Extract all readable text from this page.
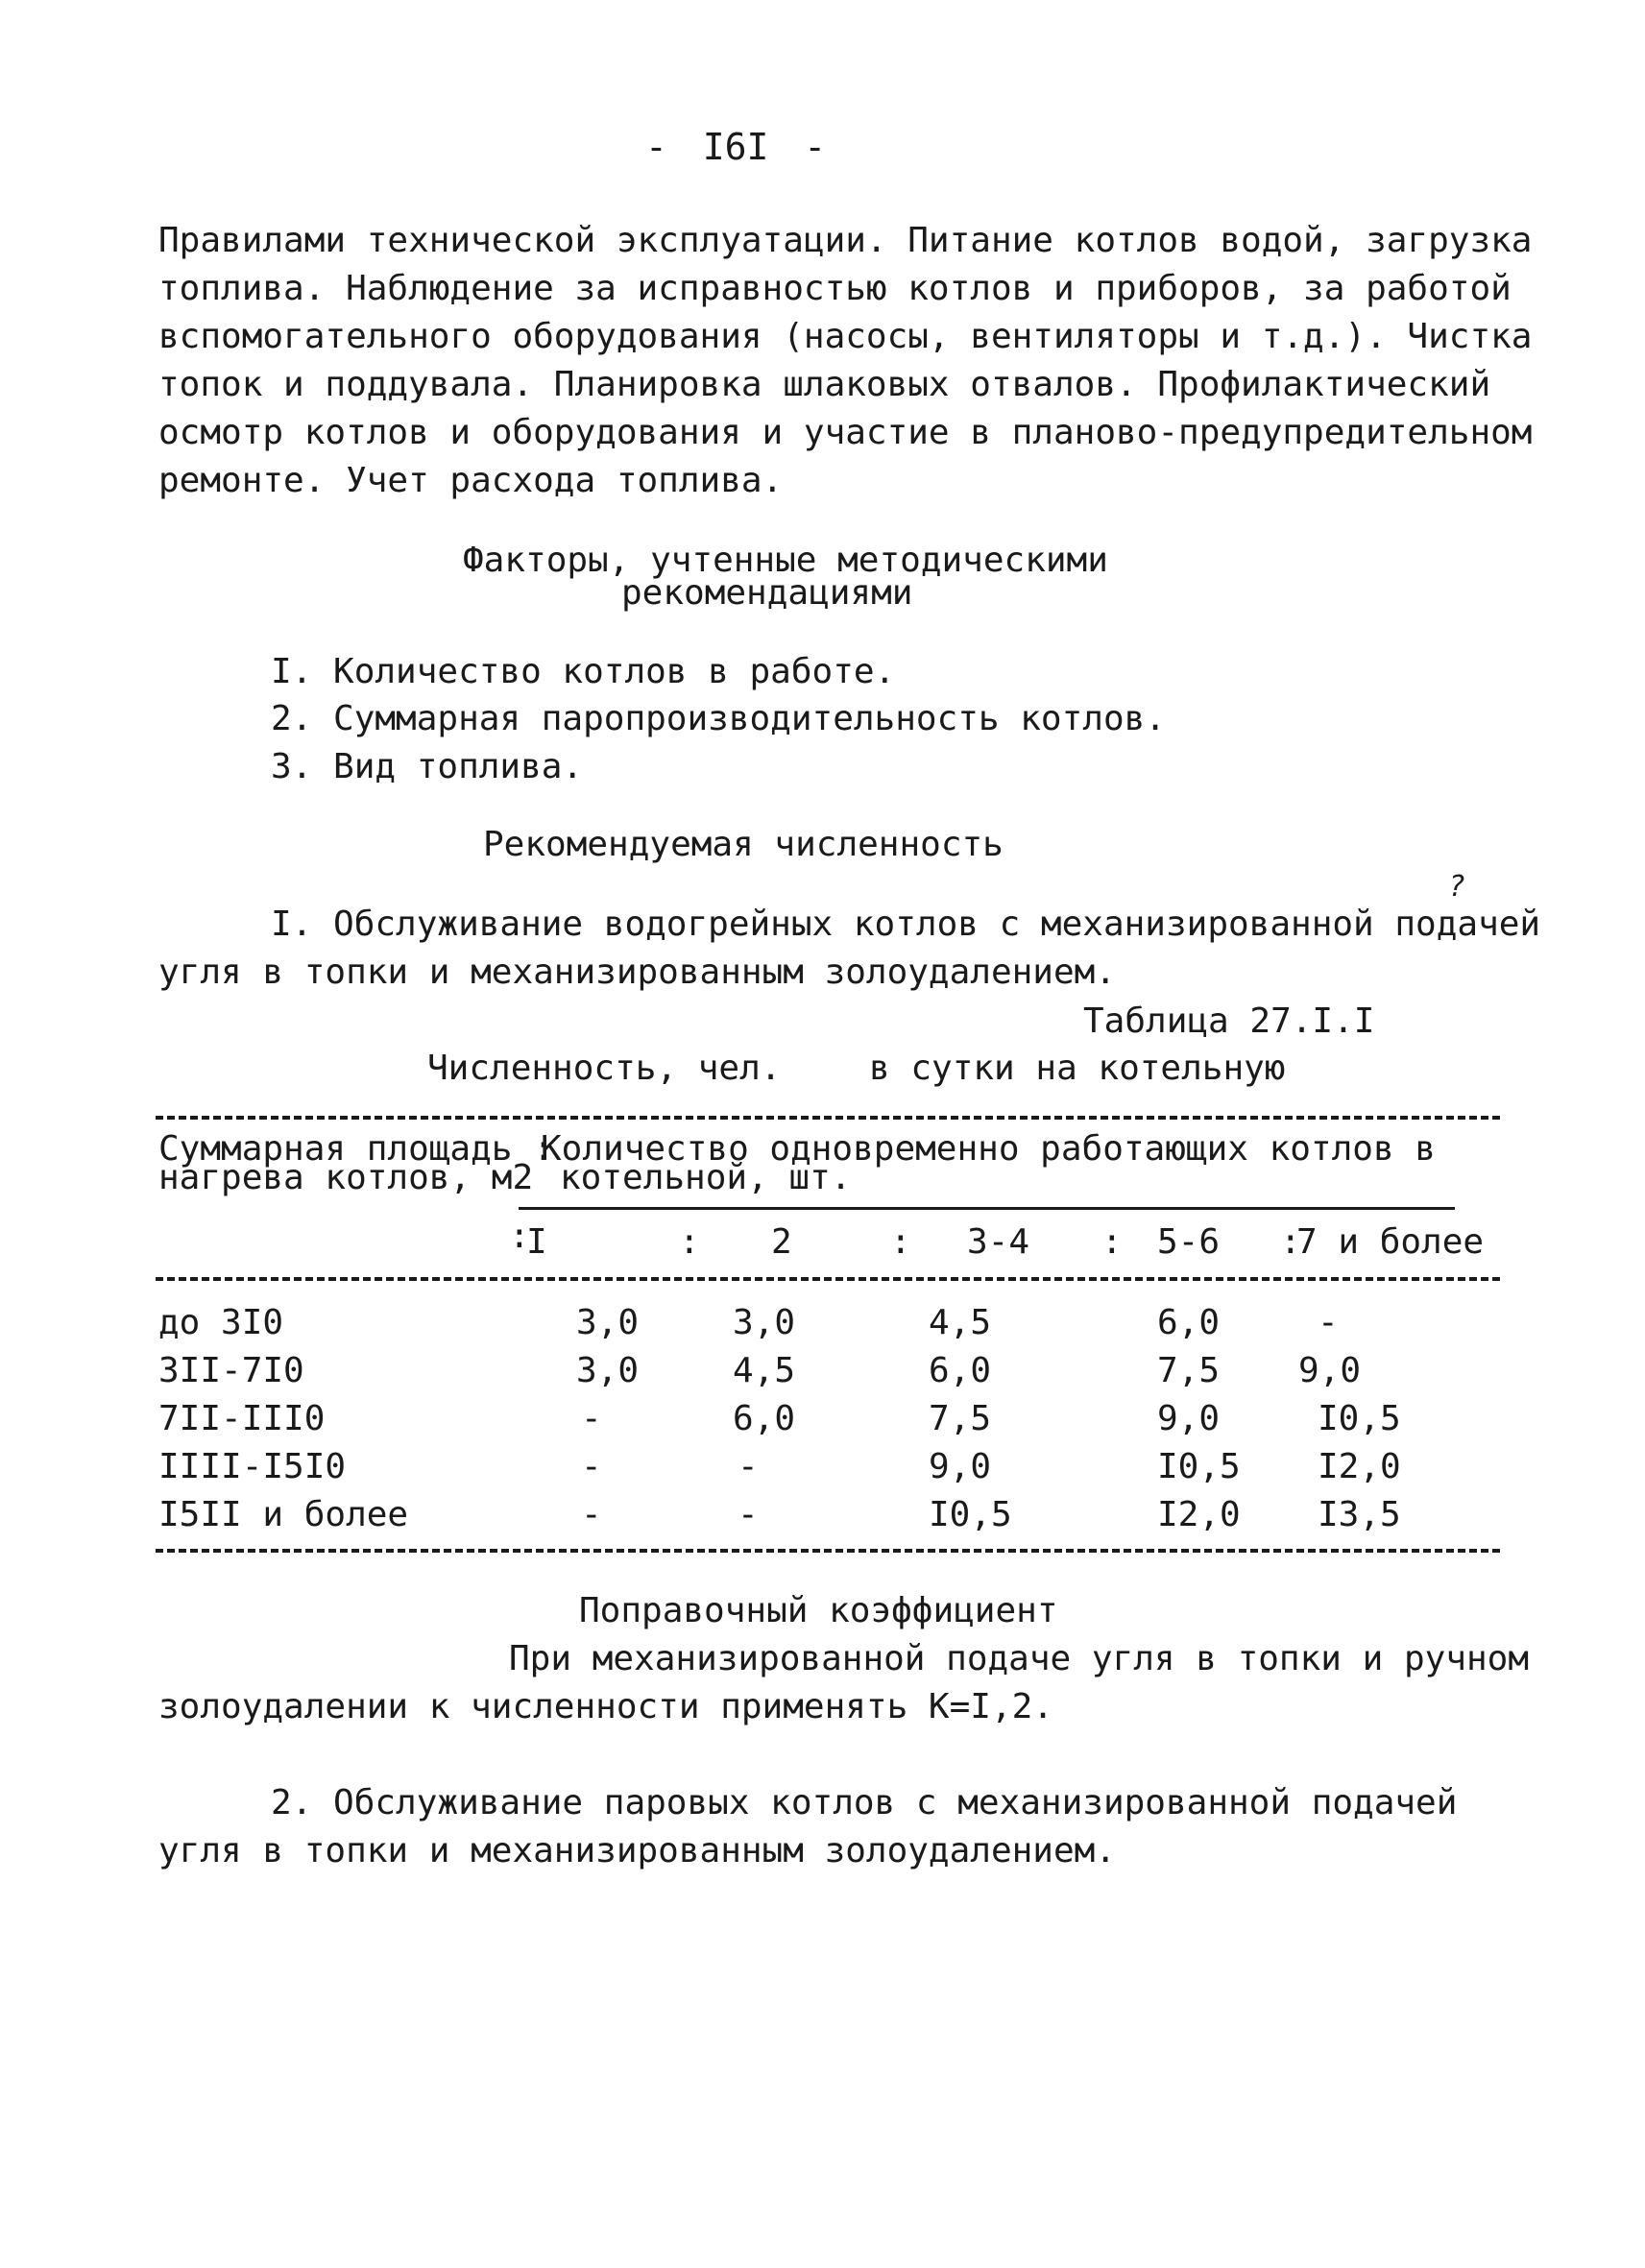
- I6I -
Правилами технической эксплуатации. Питание котлов водой, загрузка
топлива. Наблюдение за исправностью котлов и приборов, за работой
вспомогательного оборудования (насосы, вентиляторы и т.д.). Чистка
топок и поддувала. Планировка шлаковых отвалов. Профилактический
осмотр котлов и оборудования и участие в планово-предупредительном
ремонте. Учет расхода топлива.
Факторы, учтенные методическими
рекомендациями
I. Количество котлов в работе.
2. Суммарная паропроизводительность котлов.
3. Вид топлива.
Рекомендуемая численность
I. Обслуживание водогрейных котлов с механизированной подачей
угля в топки и механизированным золоудалением.
?
Таблица 27.I.I
Численность, чел.	в сутки на котельную
Суммарная площадь :
нагрева котлов, м2
Количество одновременно работающих котлов в
котельной, шт.
:
I	: 2	: 3-4 : 5-6 :
7 и более
до 3I0	3,0	3,0	4,5	6,0	-
3II-7I0	3,0	4,5	6,0	7,5 9,0
7II-III0	-	6,0	7,5	9,0	I0,5
IIII-I5I0	-	-	9,0	I0,5 I2,0
I5II и более	-	-	I0,5	I2,0 I3,5
Поправочный коэффициент
При механизированной подаче угля в топки и ручном
золоудалении к численности применять К=I,2.
2. Обслуживание паровых котлов с механизированной подачей
угля в топки и механизированным золоудалением.
